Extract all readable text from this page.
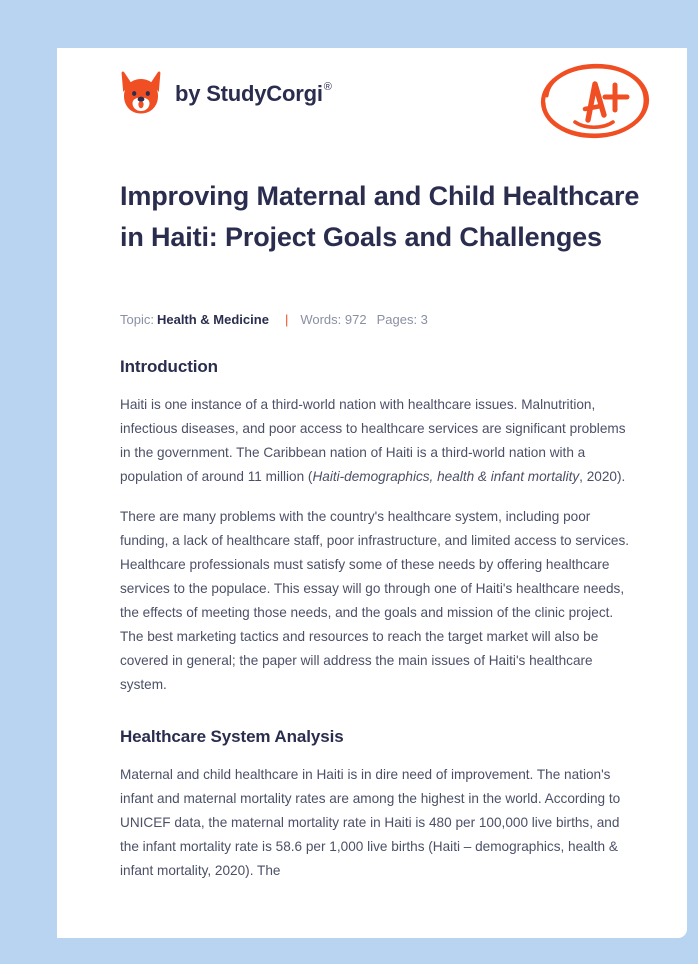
by StudyCorgi®
Improving Maternal and Child Healthcare in Haiti: Project Goals and Challenges
Topic: Health & Medicine | Words: 972 Pages: 3
Introduction

Haiti is one instance of a third-world nation with healthcare issues. Malnutrition, infectious diseases, and poor access to healthcare services are significant problems in the government. The Caribbean nation of Haiti is a third-world nation with a population of around 11 million (Haiti-demographics, health & infant mortality, 2020).

There are many problems with the country's healthcare system, including poor funding, a lack of healthcare staff, poor infrastructure, and limited access to services. Healthcare professionals must satisfy some of these needs by offering healthcare services to the populace. This essay will go through one of Haiti's healthcare needs, the effects of meeting those needs, and the goals and mission of the clinic project. The best marketing tactics and resources to reach the target market will also be covered in general; the paper will address the main issues of Haiti's healthcare system.

Healthcare System Analysis

Maternal and child healthcare in Haiti is in dire need of improvement. The nation's infant and maternal mortality rates are among the highest in the world. According to UNICEF data, the maternal mortality rate in Haiti is 480 per 100,000 live births, and the infant mortality rate is 58.6 per 1,000 live births (Haiti – demographics, health & infant mortality, 2020). The
